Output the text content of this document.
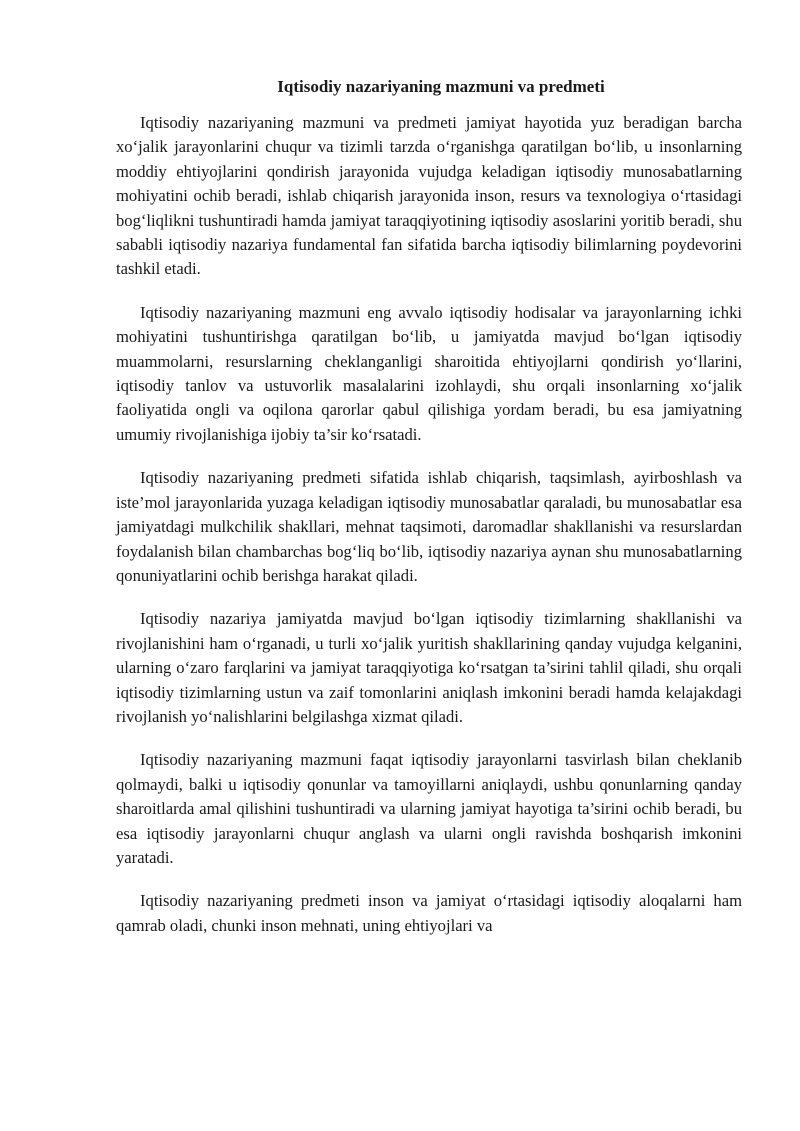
Iqtisodiy nazariyaning mazmuni va predmeti

Iqtisodiy nazariyaning mazmuni va predmeti jamiyat hayotida yuz beradigan barcha xo‘jalik jarayonlarini chuqur va tizimli tarzda o‘rganishga qaratilgan bo‘lib, u insonlarning moddiy ehtiyojlarini qondirish jarayonida vujudga keladigan iqtisodiy munosabatlarning mohiyatini ochib beradi, ishlab chiqarish jarayonida inson, resurs va texnologiya o‘rtasidagi bog‘liqlikni tushuntiradi hamda jamiyat taraqqiyotining iqtisodiy asoslarini yoritib beradi, shu sababli iqtisodiy nazariya fundamental fan sifatida barcha iqtisodiy bilimlarning poydevorini tashkil etadi.

Iqtisodiy nazariyaning mazmuni eng avvalo iqtisodiy hodisalar va jarayonlarning ichki mohiyatini tushuntirishga qaratilgan bo‘lib, u jamiyatda mavjud bo‘lgan iqtisodiy muammolarni, resurslarning cheklanganligi sharoitida ehtiyojlarni qondirish yo‘llarini, iqtisodiy tanlov va ustuvorlik masalalarini izohlaydi, shu orqali insonlarning xo‘jalik faoliyatida ongli va oqilona qarorlar qabul qilishiga yordam beradi, bu esa jamiyatning umumiy rivojlanishiga ijobiy ta’sir ko‘rsatadi.

Iqtisodiy nazariyaning predmeti sifatida ishlab chiqarish, taqsimlash, ayirboshlash va iste’mol jarayonlarida yuzaga keladigan iqtisodiy munosabatlar qaraladi, bu munosabatlar esa jamiyatdagi mulkchilik shakllari, mehnat taqsimoti, daromadlar shakllanishi va resurslardan foydalanish bilan chambarchas bog‘liq bo‘lib, iqtisodiy nazariya aynan shu munosabatlarning qonuniyatlarini ochib berishga harakat qiladi.

Iqtisodiy nazariya jamiyatda mavjud bo‘lgan iqtisodiy tizimlarning shakllanishi va rivojlanishini ham o‘rganadi, u turli xo‘jalik yuritish shakllarining qanday vujudga kelganini, ularning o‘zaro farqlarini va jamiyat taraqqiyotiga ko‘rsatgan ta’sirini tahlil qiladi, shu orqali iqtisodiy tizimlarning ustun va zaif tomonlarini aniqlash imkonini beradi hamda kelajakdagi rivojlanish yo‘nalishlarini belgilashga xizmat qiladi.

Iqtisodiy nazariyaning mazmuni faqat iqtisodiy jarayonlarni tasvirlash bilan cheklanib qolmaydi, balki u iqtisodiy qonunlar va tamoyillarni aniqlaydi, ushbu qonunlarning qanday sharoitlarda amal qilishini tushuntiradi va ularning jamiyat hayotiga ta’sirini ochib beradi, bu esa iqtisodiy jarayonlarni chuqur anglash va ularni ongli ravishda boshqarish imkonini yaratadi.

Iqtisodiy nazariyaning predmeti inson va jamiyat o‘rtasidagi iqtisodiy aloqalarni ham qamrab oladi, chunki inson mehnati, uning ehtiyojlari va
